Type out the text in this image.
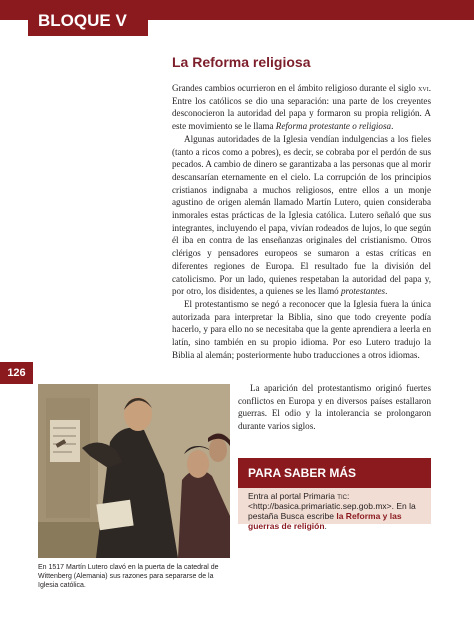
BLOQUE V
126
La Reforma religiosa

Grandes cambios ocurrieron en el ámbito religioso durante el siglo xvi. Entre los católicos se dio una separación: una parte de los creyentes desconocieron la autoridad del papa y formaron su propia religión. A este movimiento se le llama Reforma protestante o religiosa.

Algunas autoridades de la Iglesia vendían indulgencias a los fieles (tanto a ricos como a pobres), es decir, se cobraba por el perdón de sus pecados. A cambio de dinero se garantizaba a las personas que al morir descansarían eternamente en el cielo. La corrupción de los principios cristianos indignaba a muchos religiosos, entre ellos a un monje agustino de origen alemán llamado Martín Lutero, quien consideraba inmorales estas prácticas de la Iglesia católica. Lutero señaló que sus integrantes, incluyendo el papa, vivían rodeados de lujos, lo que según él iba en contra de las enseñanzas originales del cristianismo. Otros clérigos y pensadores europeos se sumaron a estas críticas en diferentes regiones de Europa. El resultado fue la división del catolicismo. Por un lado, quienes respetaban la autoridad del papa y, por otro, los disidentes, a quienes se les llamó protestantes.

El protestantismo se negó a reconocer que la Iglesia fuera la única autorizada para interpretar la Biblia, sino que todo creyente podía hacerlo, y para ello no se necesitaba que la gente aprendiera a leerla en latín, sino también en su propio idioma. Por eso Lutero tradujo la Biblia al alemán; posteriormente hubo traducciones a otros idiomas.

En 1517 Martín Lutero clavó en la puerta de la catedral de Wittenberg (Alemania) sus razones para separarse de la Iglesia católica.

La aparición del protestantismo originó fuertes conflictos en Europa y en diversos países estallaron guerras. El odio y la intolerancia se prolongaron durante varios siglos.

PARA SABER MÁS
Entra al portal Primaria tic: <http://basica.primariatic.sep.gob.mx>. En la pestaña Busca escribe la Reforma y las guerras de religión.
